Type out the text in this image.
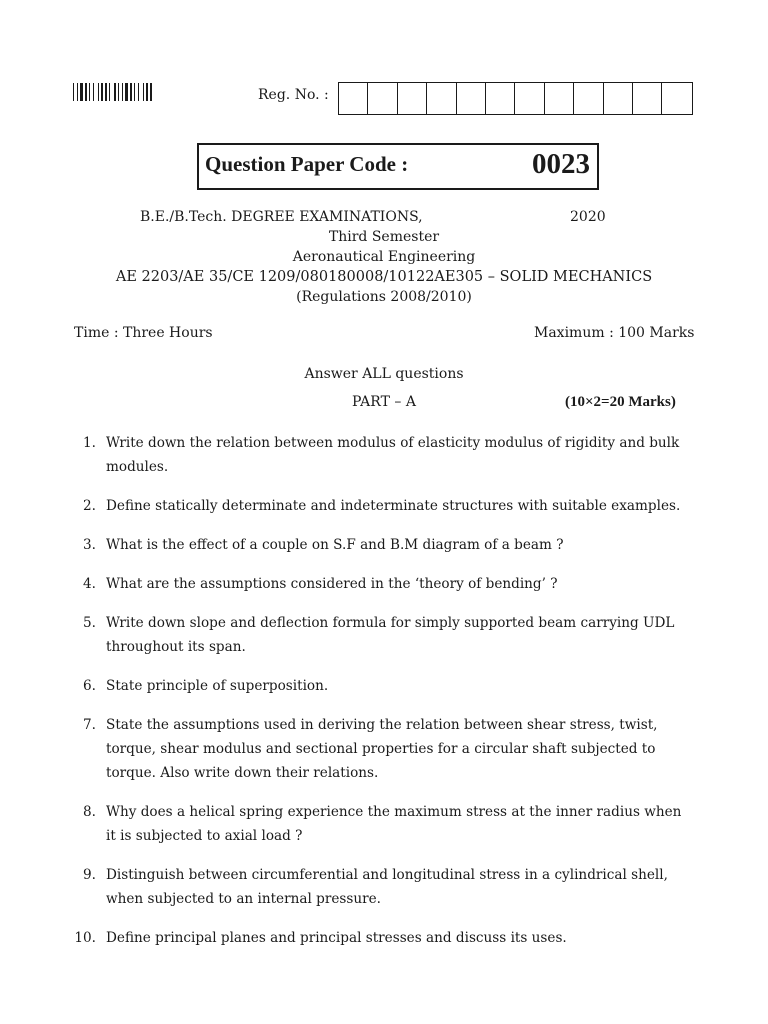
Reg. No. :
Question Paper Code :	0023
B.E./B.Tech. DEGREE EXAMINATIONS,	2020
Third Semester
Aeronautical Engineering
AE 2203/AE 35/CE 1209/080180008/10122AE305 – SOLID MECHANICS
(Regulations 2008/2010)
Time : Three Hours	Maximum : 100 Marks
Answer ALL questions
PART – A	(10×2=20 Marks)
1. Write down the relation between modulus of elasticity modulus of rigidity and bulk modules.
2. Define statically determinate and indeterminate structures with suitable examples.
3. What is the effect of a couple on S.F and B.M diagram of a beam ?
4. What are the assumptions considered in the ‘theory of bending’ ?
5. Write down slope and deflection formula for simply supported beam carrying UDL throughout its span.
6. State principle of superposition.
7. State the assumptions used in deriving the relation between shear stress, twist, torque, shear modulus and sectional properties for a circular shaft subjected to torque. Also write down their relations.
8. Why does a helical spring experience the maximum stress at the inner radius when it is subjected to axial load ?
9. Distinguish between circumferential and longitudinal stress in a cylindrical shell, when subjected to an internal pressure.
10. Define principal planes and principal stresses and discuss its uses.
